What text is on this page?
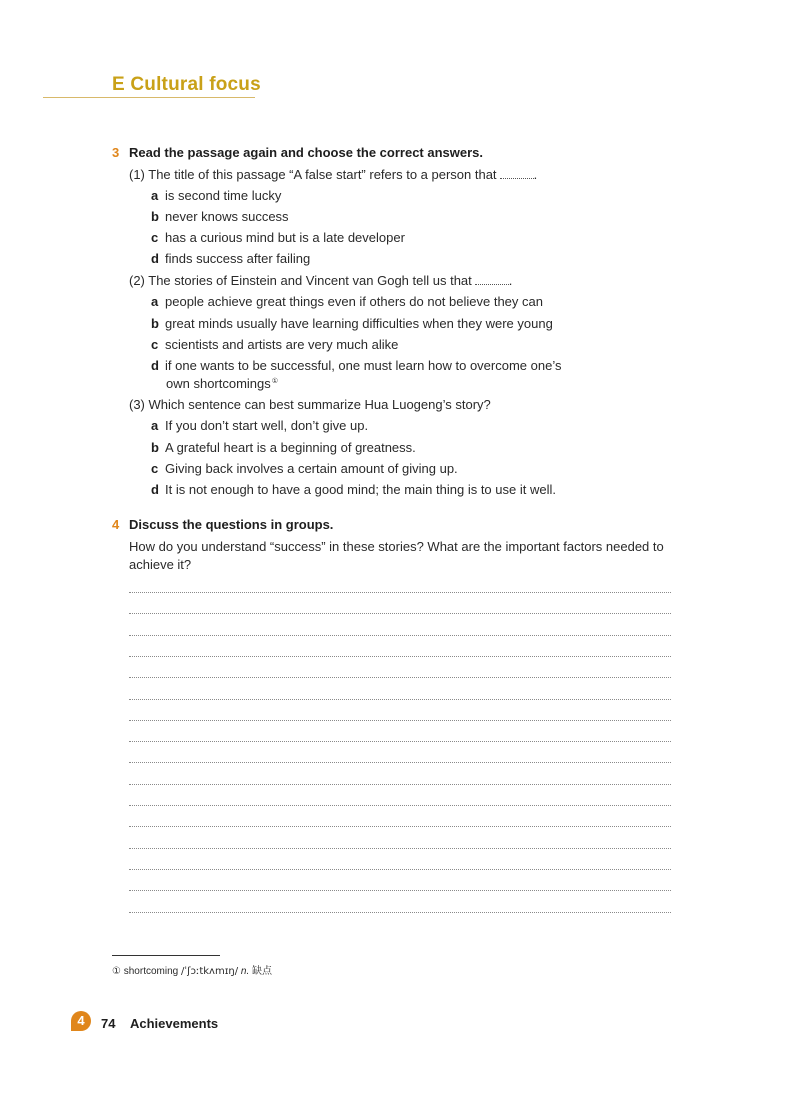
E Cultural focus
3 Read the passage again and choose the correct answers.
(1) The title of this passage “A false start” refers to a person that	.
a is second time lucky
b never knows success
c has a curious mind but is a late developer
d finds success after failing
(2) The stories of Einstein and Vincent van Gogh tell us that	.
a people achieve great things even if others do not believe they can
b great minds usually have learning difficulties when they were young
c scientists and artists are very much alike
d if one wants to be successful, one must learn how to overcome one’s
own shortcomings①
(3) Which sentence can best summarize Hua Luogeng’s story?
a If you don’t start well, don’t give up.
b A grateful heart is a beginning of greatness.
c Giving back involves a certain amount of giving up.
d It is not enough to have a good mind; the main thing is to use it well.
4 Discuss the questions in groups.
How do you understand “success” in these stories? What are the important factors needed to achieve it?
① shortcoming /ˈʃɔːtkʌmɪŋ/ n. 缺点
4	74 Achievements
